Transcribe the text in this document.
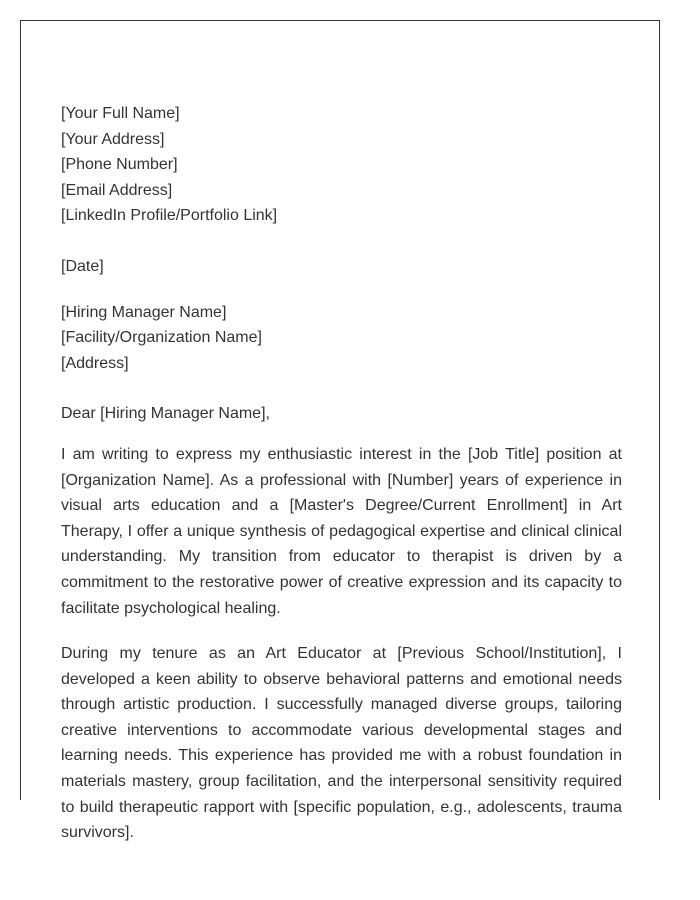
[Your Full Name]
[Your Address]
[Phone Number]
[Email Address]
[LinkedIn Profile/Portfolio Link]
[Date]
[Hiring Manager Name]
[Facility/Organization Name]
[Address]

Dear [Hiring Manager Name],

I am writing to express my enthusiastic interest in the [Job Title] position at [Organization Name]. As a professional with [Number] years of experience in visual arts education and a [Master's Degree/Current Enrollment] in Art Therapy, I offer a unique synthesis of pedagogical expertise and clinical clinical understanding. My transition from educator to therapist is driven by a commitment to the restorative power of creative expression and its capacity to facilitate psychological healing.

During my tenure as an Art Educator at [Previous School/Institution], I developed a keen ability to observe behavioral patterns and emotional needs through artistic production. I successfully managed diverse groups, tailoring creative interventions to accommodate various developmental stages and learning needs. This experience has provided me with a robust foundation in materials mastery, group facilitation, and the interpersonal sensitivity required to build therapeutic rapport with [specific population, e.g., adolescents, trauma survivors].
